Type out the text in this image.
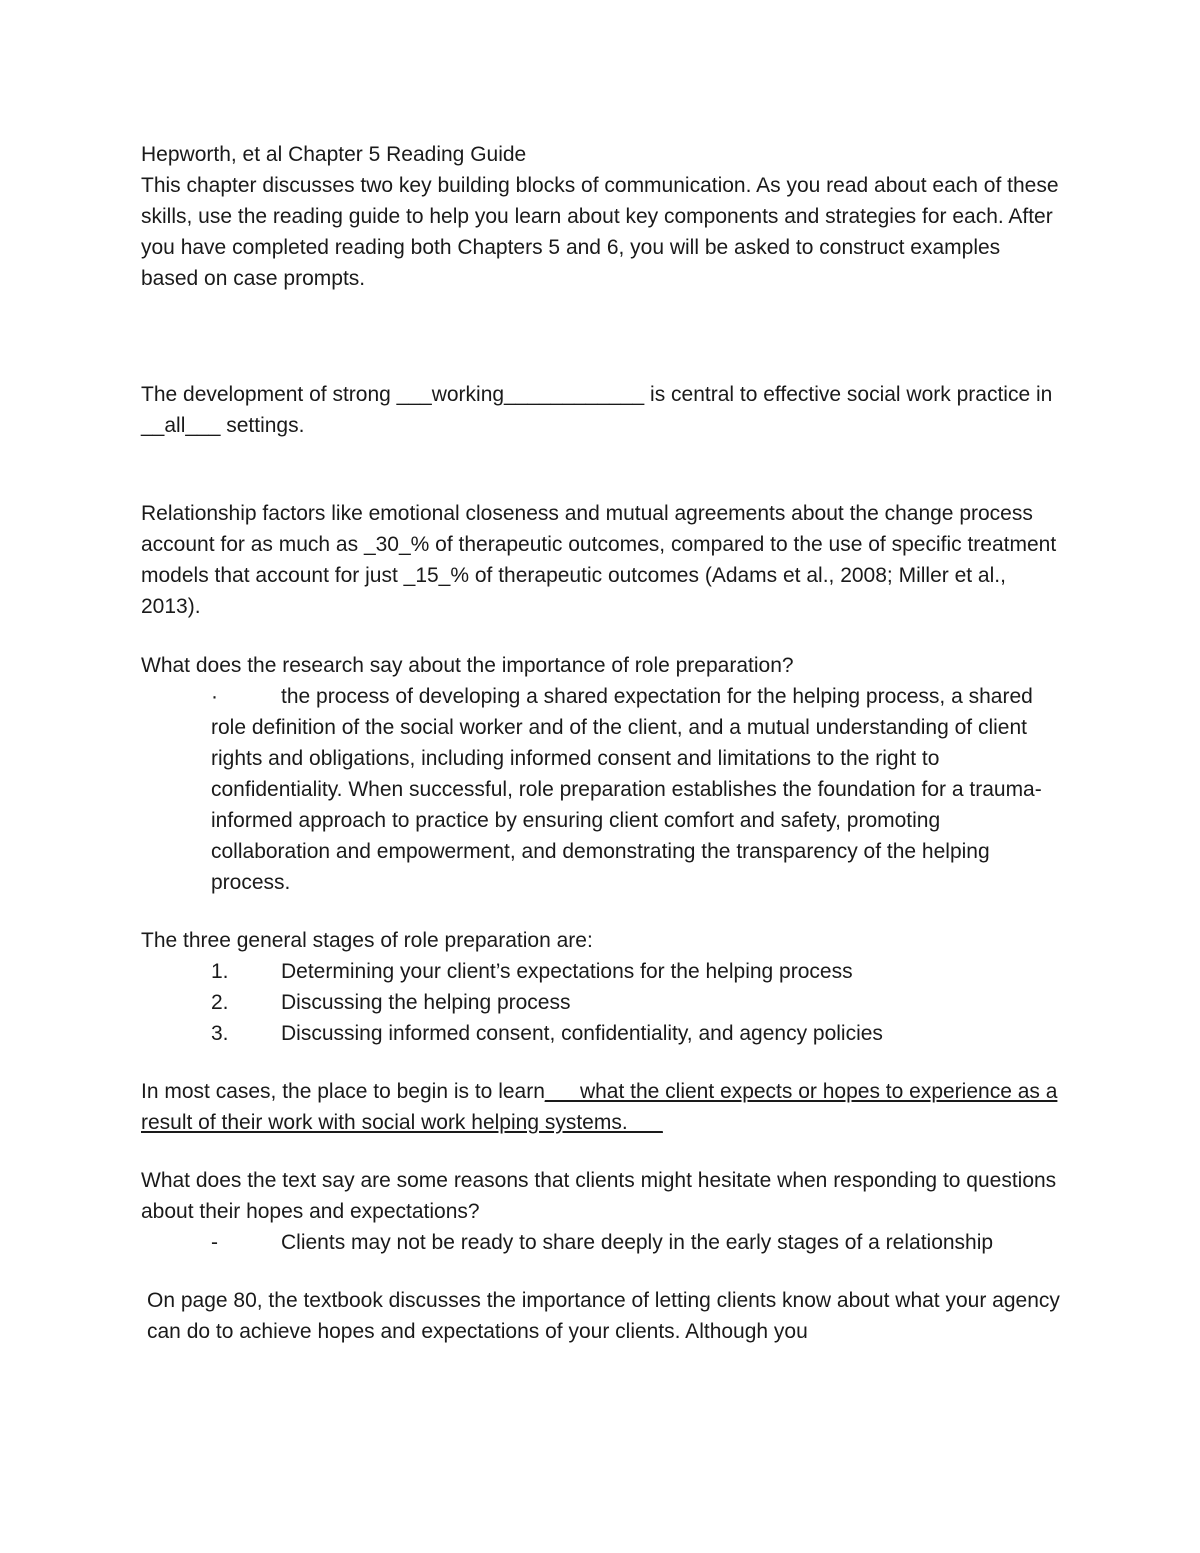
Hepworth, et al Chapter 5 Reading Guide

This chapter discusses two key building blocks of communication. As you read about each of these skills, use the reading guide to help you learn about key components and strategies for each. After you have completed reading both Chapters 5 and 6, you will be asked to construct examples based on case prompts.

The development of strong ___working____________ is central to effective social work practice in __all___ settings.

Relationship factors like emotional closeness and mutual agreements about the change process account for as much as _30_% of therapeutic outcomes, compared to the use of specific treatment models that account for just _15_% of therapeutic outcomes (Adams et al., 2008; Miller et al., 2013).

What does the research say about the importance of role preparation?

·	the process of developing a shared expectation for the helping process, a shared role definition of the social worker and of the client, and a mutual understanding of client rights and obligations, including informed consent and limitations to the right to confidentiality. When successful, role preparation establishes the foundation for a trauma-informed approach to practice by ensuring client comfort and safety, promoting collaboration and empowerment, and demonstrating the transparency of the helping process.

The three general stages of role preparation are:

1.	Determining your client’s expectations for the helping process
2.	Discussing the helping process
3.	Discussing informed consent, confidentiality, and agency policies

In most cases, the place to begin is to learn___what the client expects or hopes to experience as a result of their work with social work helping systems.___

What does the text say are some reasons that clients might hesitate when responding to questions about their hopes and expectations?

-	Clients may not be ready to share deeply in the early stages of a relationship

On page 80, the textbook discusses the importance of letting clients know about what your agency can do to achieve hopes and expectations of your clients. Although you
